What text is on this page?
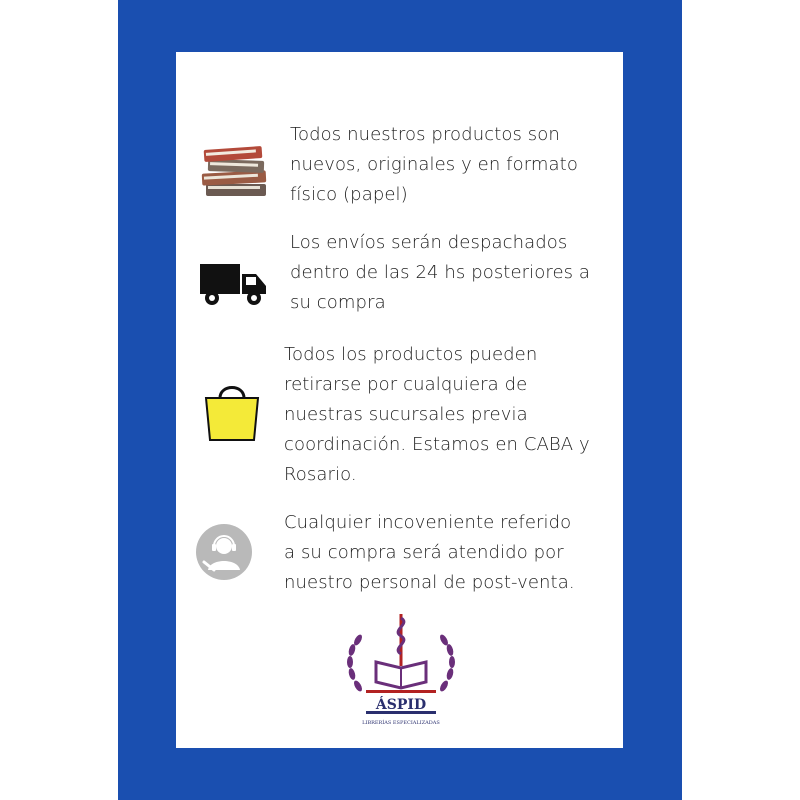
Todos nuestros productos son
nuevos, originales y en formato
físico (papel)
Los envíos serán despachados
dentro de las 24 hs posteriores a
su compra
Todos los productos pueden
retirarse por cualquiera de
nuestras sucursales previa
coordinación. Estamos en CABA y
Rosario.
Cualquier incoveniente referido
a su compra será atendido por
nuestro personal de post-venta.
ÁSPID
LIBRERÍAS ESPECIALIZADAS
